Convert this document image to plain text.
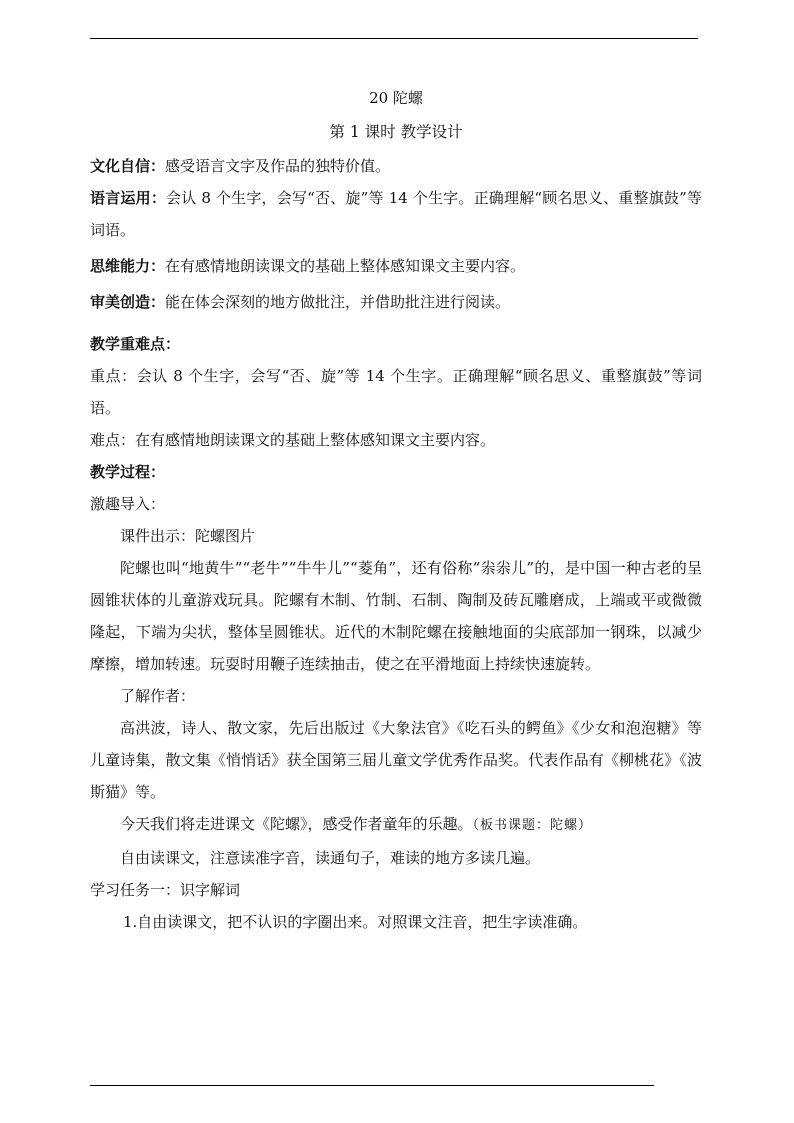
20 陀螺
第 1 课时 教学设计

文化自信：感受语言文字及作品的独特价值。

语言运用：会认 8 个生字，会写“否、旋”等 14 个生字。正确理解“顾名思义、重整旗鼓”等词语。

思维能力：在有感情地朗读课文的基础上整体感知课文主要内容。

审美创造：能在体会深刻的地方做批注，并借助批注进行阅读。

教学重难点：

重点：会认 8 个生字，会写“否、旋”等 14 个生字。正确理解“顾名思义、重整旗鼓”等词语。

难点：在有感情地朗读课文的基础上整体感知课文主要内容。

教学过程：

激趣导入：

课件出示：陀螺图片

陀螺也叫“地黄牛”“老牛”“牛牛儿”“菱角”，还有俗称“尜尜儿”的，是中国一种古老的呈圆锥状体的儿童游戏玩具。陀螺有木制、竹制、石制、陶制及砖瓦雕磨成，上端或平或微微隆起，下端为尖状，整体呈圆锥状。近代的木制陀螺在接触地面的尖底部加一钢珠，以减少摩擦，增加转速。玩耍时用鞭子连续抽击，使之在平滑地面上持续快速旋转。

了解作者：

高洪波，诗人、散文家，先后出版过《大象法官》《吃石头的鳄鱼》《少女和泡泡糖》等儿童诗集，散文集《悄悄话》获全国第三届儿童文学优秀作品奖。代表作品有《柳桃花》《波斯猫》等。

今天我们将走进课文《陀螺》，感受作者童年的乐趣。（板书课题：陀螺）

自由读课文，注意读准字音，读通句子，难读的地方多读几遍。

学习任务一：识字解词

1.自由读课文，把不认识的字圈出来。对照课文注音，把生字读准确。
